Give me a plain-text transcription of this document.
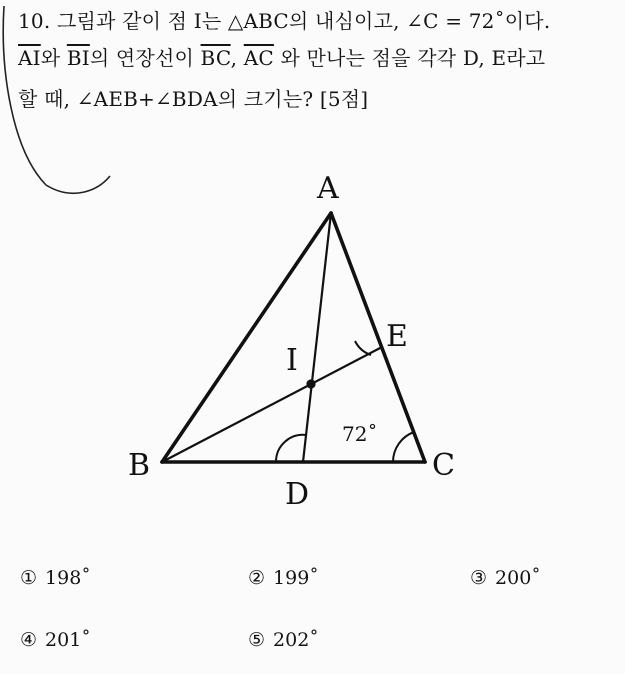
10. 그림과 같이 점 I는 △ABC의 내심이고, ∠C = 72˚이다.
$\overline{AI}$와 $\overline{BI}$의 연장선이 $\overline{BC}$, $\overline{AC}$ 와 만나는 점을 각각 D, E라고
할 때, ∠AEB+∠BDA의 크기는? [5점]
A
B	C
D
E
I
72˚
① 198˚	② 199˚	③ 200˚
④ 201˚	⑤ 202˚
